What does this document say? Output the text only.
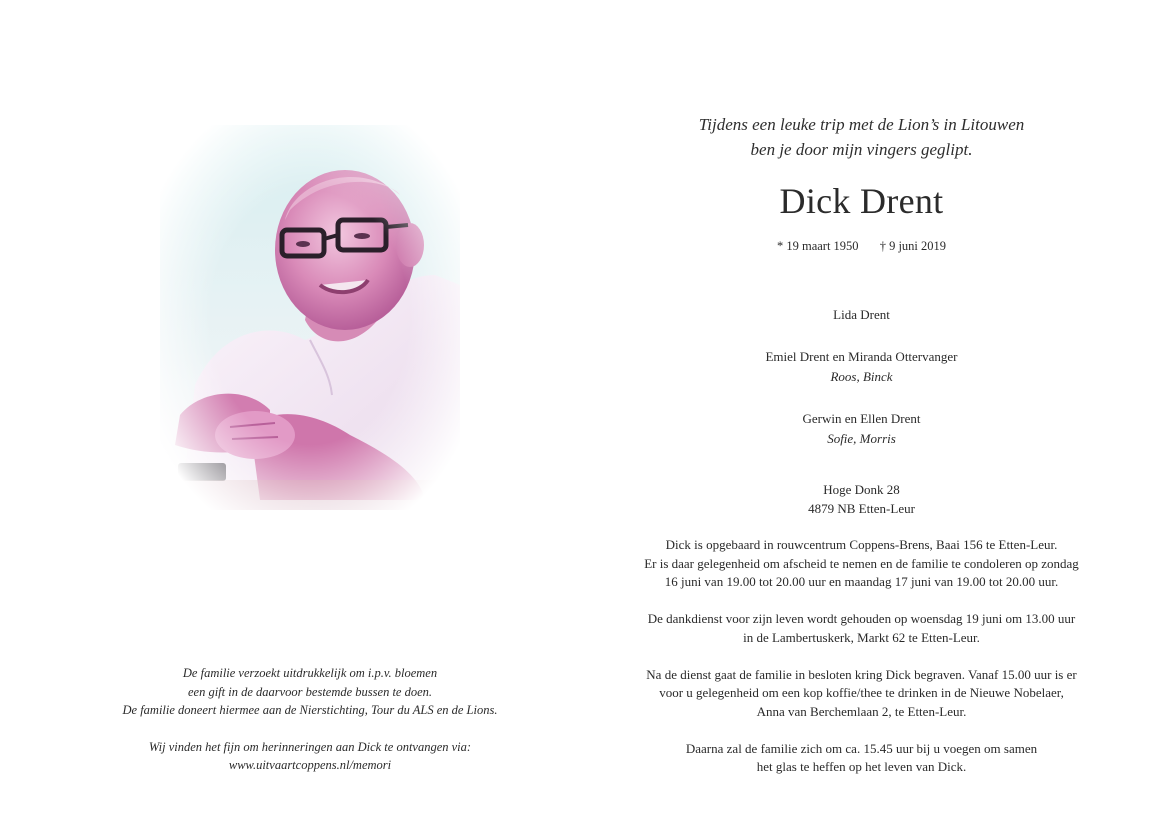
De familie verzoekt uitdrukkelijk om i.p.v. bloemen

een gift in de daarvoor bestemde bussen te doen.

De familie doneert hiermee aan de Nierstichting, Tour du ALS en de Lions.

Wij vinden het fijn om herinneringen aan Dick te ontvangen via:

www.uitvaartcoppens.nl/memori

Tijdens een leuke trip met de Lion’s in Litouwen

ben je door mijn vingers geglipt.

Dick Drent
* 19 maart 1950 † 9 juni 2019

Lida Drent

Emiel Drent en Miranda Ottervanger

Roos, Binck

Gerwin en Ellen Drent

Sofie, Morris

Hoge Donk 28

4879 NB Etten-Leur

Dick is opgebaard in rouwcentrum Coppens-Brens, Baai 156 te Etten-Leur.

Er is daar gelegenheid om afscheid te nemen en de familie te condoleren op zondag

16 juni van 19.00 tot 20.00 uur en maandag 17 juni van 19.00 tot 20.00 uur.

De dankdienst voor zijn leven wordt gehouden op woensdag 19 juni om 13.00 uur

in de Lambertuskerk, Markt 62 te Etten-Leur.

Na de dienst gaat de familie in besloten kring Dick begraven. Vanaf 15.00 uur is er

voor u gelegenheid om een kop koffie/thee te drinken in de Nieuwe Nobelaer,

Anna van Berchemlaan 2, te Etten-Leur.

Daarna zal de familie zich om ca. 15.45 uur bij u voegen om samen

het glas te heffen op het leven van Dick.
